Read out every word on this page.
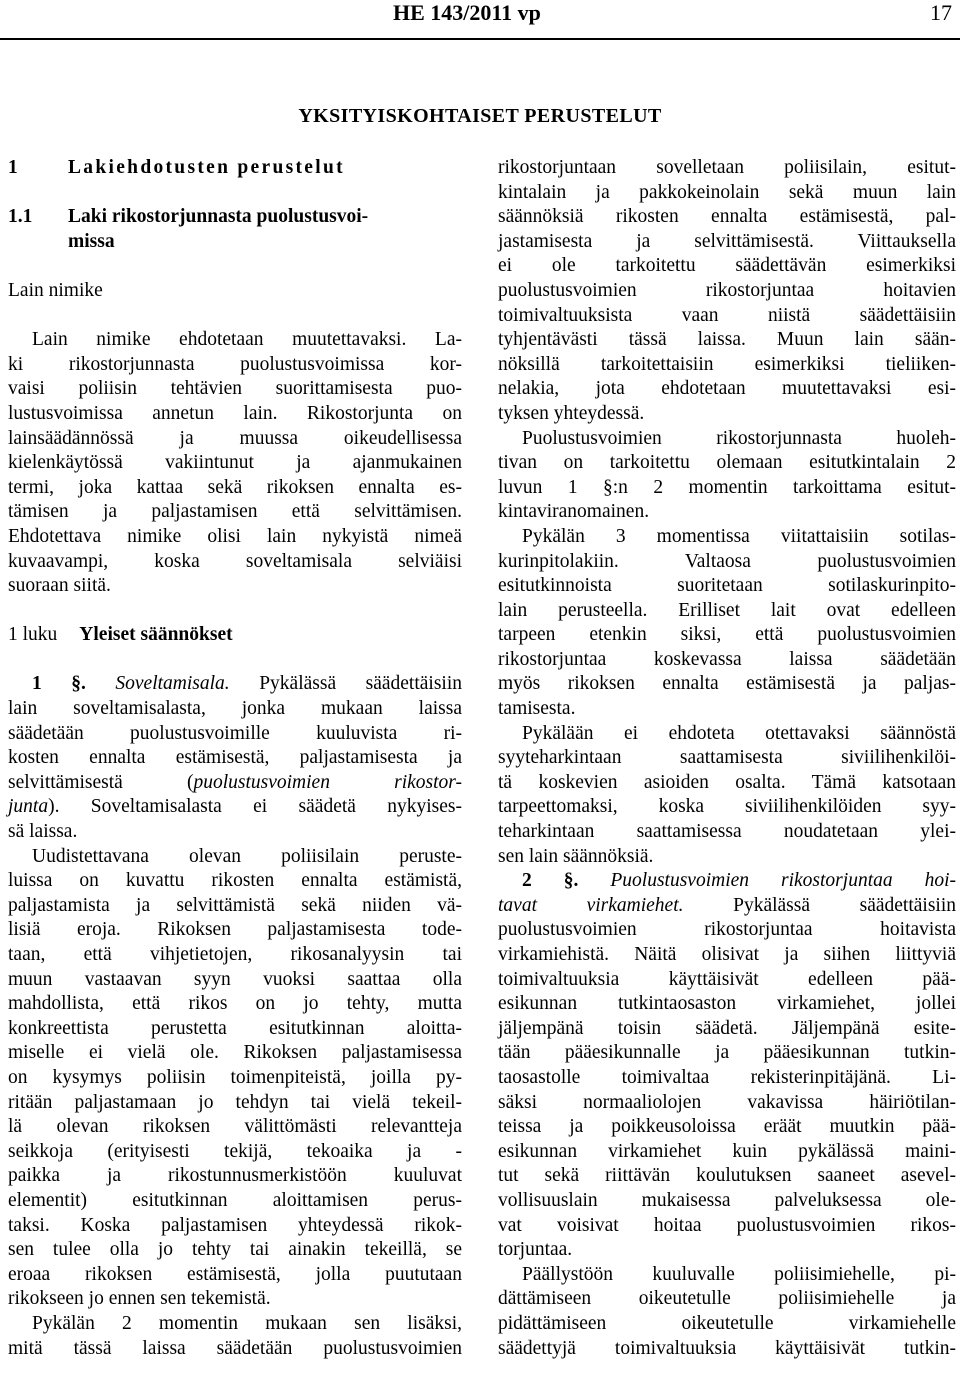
HE 143/2011 vp	17
YKSITYISKOHTAISET PERUSTELUT
1	Lakiehdotusten perustelut
1.1 Laki rikostorjunnasta puolustusvoi-
missa
Lain nimike
Lain nimike ehdotetaan muutettavaksi. La-
ki rikostorjunnasta puolustusvoimissa kor-
vaisi poliisin tehtävien suorittamisesta puo-
lustusvoimissa annetun lain. Rikostorjunta on
lainsäädännössä ja muussa oikeudellisessa
kielenkäytössä vakiintunut ja ajanmukainen
termi, joka kattaa sekä rikoksen ennalta es-
tämisen ja paljastamisen että selvittämisen.
Ehdotettava nimike olisi lain nykyistä nimeä
kuvaavampi, koska soveltamisala selviäisi
suoraan siitä.
1 luku Yleiset säännökset
1 §. Soveltamisala. Pykälässä säädettäisiin
lain soveltamisalasta, jonka mukaan laissa
säädetään puolustusvoimille kuuluvista ri-
kosten ennalta estämisestä, paljastamisesta ja
selvittämisestä (puolustusvoimien rikostor-
junta). Soveltamisalasta ei säädetä nykyises-
sä laissa.
Uudistettavana olevan poliisilain peruste-
luissa on kuvattu rikosten ennalta estämistä,
paljastamista ja selvittämistä sekä niiden vä-
lisiä eroja. Rikoksen paljastamisesta tode-
taan, että vihjetietojen, rikosanalyysin tai
muun vastaavan syyn vuoksi saattaa olla
mahdollista, että rikos on jo tehty, mutta
konkreettista perustetta esitutkinnan aloitta-
miselle ei vielä ole. Rikoksen paljastamisessa
on kysymys poliisin toimenpiteistä, joilla py-
ritään paljastamaan jo tehdyn tai vielä tekeil-
lä olevan rikoksen välittömästi relevantteja
seikkoja (erityisesti tekijä, tekoaika ja -
paikka ja rikostunnusmerkistöön kuuluvat
elementit) esitutkinnan aloittamisen perus-
taksi. Koska paljastamisen yhteydessä rikok-
sen tulee olla jo tehty tai ainakin tekeillä, se
eroaa rikoksen estämisestä, jolla puututaan
rikokseen jo ennen sen tekemistä.
Pykälän 2 momentin mukaan sen lisäksi,
mitä tässä laissa säädetään puolustusvoimien
rikostorjuntaan sovelletaan poliisilain, esitut-
kintalain ja pakkokeinolain sekä muun lain
säännöksiä rikosten ennalta estämisestä, pal-
jastamisesta ja selvittämisestä. Viittauksella
ei ole tarkoitettu säädettävän esimerkiksi
puolustusvoimien rikostorjuntaa hoitavien
toimivaltuuksista vaan niistä säädettäisiin
tyhjentävästi tässä laissa. Muun lain sään-
nöksillä tarkoitettaisiin esimerkiksi tieliiken-
nelakia, jota ehdotetaan muutettavaksi esi-
tyksen yhteydessä.
Puolustusvoimien rikostorjunnasta huoleh-
tivan on tarkoitettu olemaan esitutkintalain 2
luvun 1 §:n 2 momentin tarkoittama esitut-
kintaviranomainen.
Pykälän 3 momentissa viitattaisiin sotilas-
kurinpitolakiin. Valtaosa puolustusvoimien
esitutkinnoista suoritetaan sotilaskurinpito-
lain perusteella. Erilliset lait ovat edelleen
tarpeen etenkin siksi, että puolustusvoimien
rikostorjuntaa koskevassa laissa säädetään
myös rikoksen ennalta estämisestä ja paljas-
tamisesta.
Pykälään ei ehdoteta otettavaksi säännöstä
syyteharkintaan saattamisesta siviilihenkilöi-
tä koskevien asioiden osalta. Tämä katsotaan
tarpeettomaksi, koska siviilihenkilöiden syy-
teharkintaan saattamisessa noudatetaan ylei-
sen lain säännöksiä.
2 §. Puolustusvoimien rikostorjuntaa hoi-
tavat virkamiehet.	Pykälässä säädettäisiin
puolustusvoimien rikostorjuntaa hoitavista
virkamiehistä. Näitä olisivat ja siihen liittyviä
toimivaltuuksia käyttäisivät edelleen pää-
esikunnan tutkintaosaston virkamiehet, jollei
jäljempänä toisin säädetä. Jäljempänä esite-
tään pääesikunnalle ja pääesikunnan tutkin-
taosastolle toimivaltaa rekisterinpitäjänä. Li-
säksi normaaliolojen vakavissa häiriötilan-
teissa ja poikkeusoloissa eräät muutkin pää-
esikunnan virkamiehet kuin pykälässä maini-
tut sekä riittävän koulutuksen saaneet asevel-
vollisuuslain mukaisessa palveluksessa ole-
vat voisivat hoitaa puolustusvoimien rikos-
torjuntaa.
Päällystöön kuuluvalle poliisimiehelle, pi-
dättämiseen oikeutetulle poliisimiehelle ja
pidättämiseen oikeutetulle virkamiehelle
säädettyjä toimivaltuuksia käyttäisivät tutkin-
